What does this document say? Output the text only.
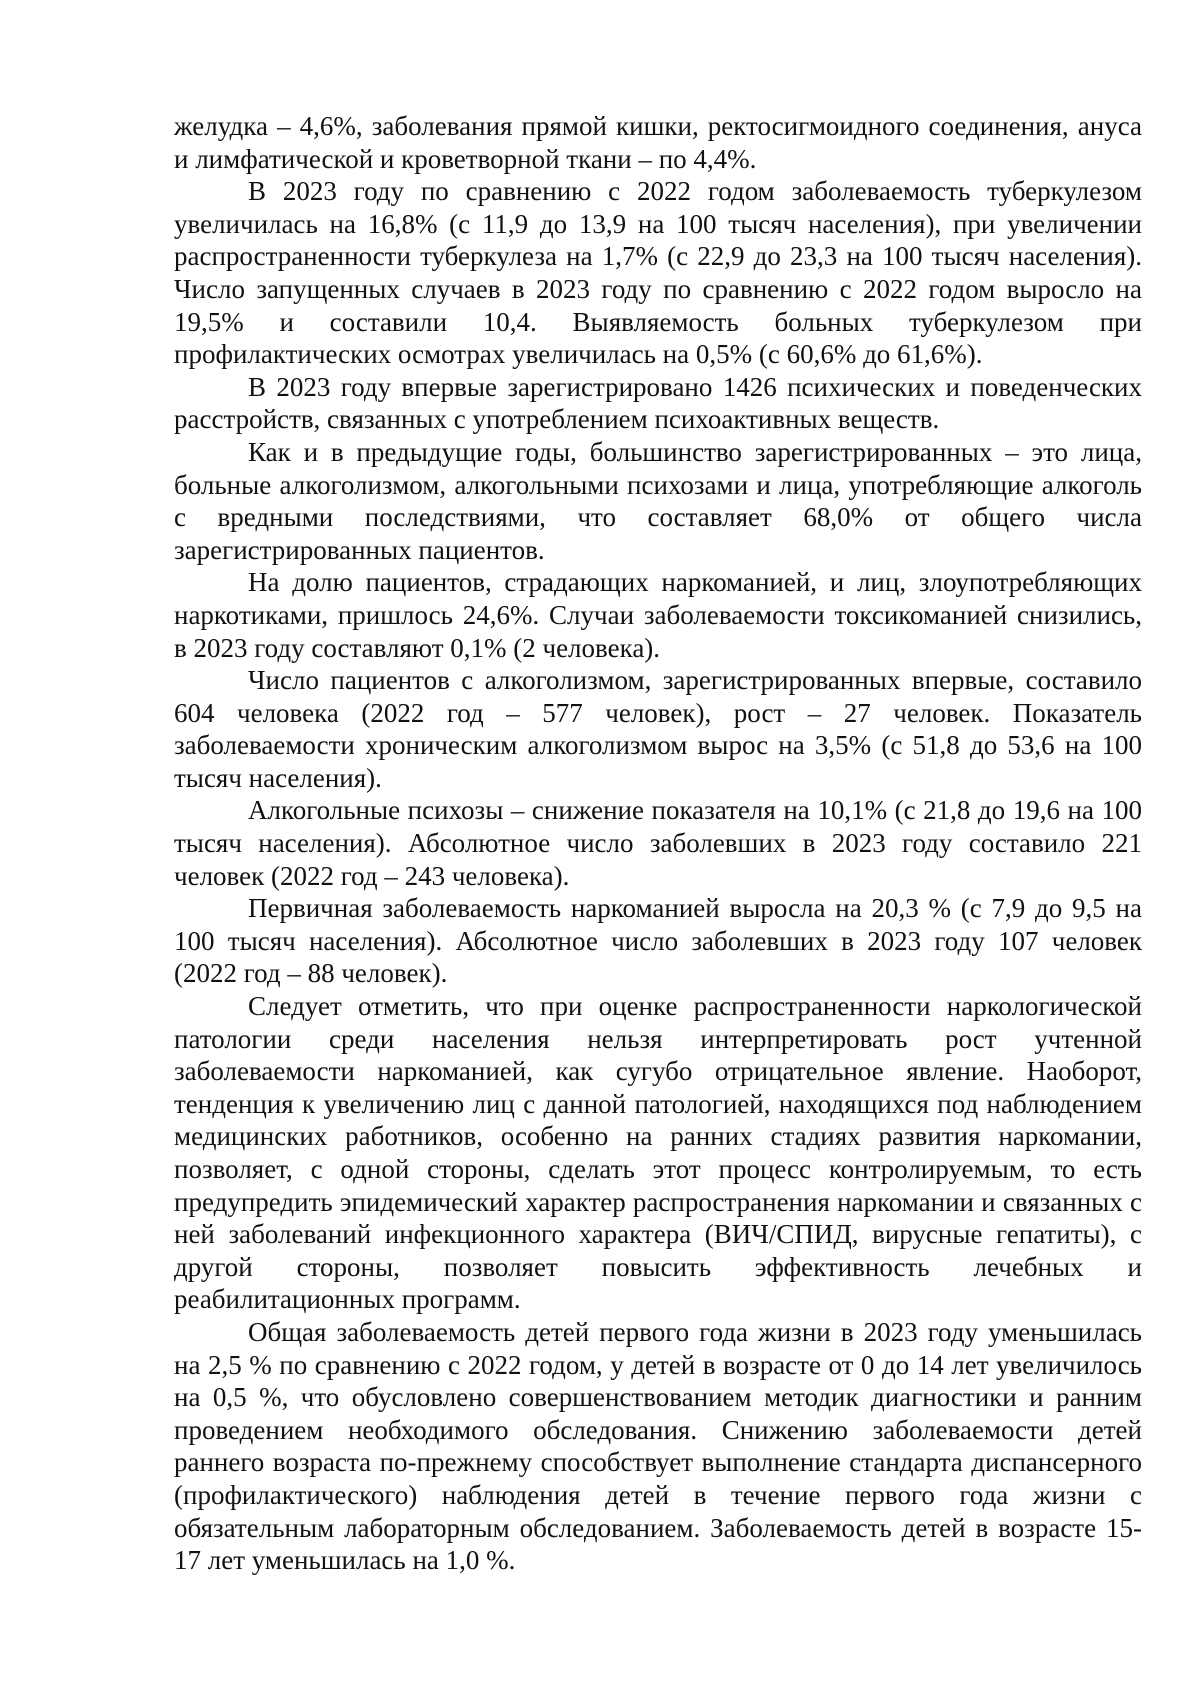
желудка – 4,6%, заболевания прямой кишки, ректосигмоидного соединения, ануса и лимфатической и кроветворной ткани – по 4,4%.

В 2023 году по сравнению с 2022 годом заболеваемость туберкулезом увеличилась на 16,8% (с 11,9 до 13,9 на 100 тысяч населения), при увеличении распространенности туберкулеза на 1,7% (с 22,9 до 23,3 на 100 тысяч населения). Число запущенных случаев в 2023 году по сравнению с 2022 годом выросло на 19,5% и составили 10,4. Выявляемость больных туберкулезом при профилактических осмотрах увеличилась на 0,5% (с 60,6% до 61,6%).

В 2023 году впервые зарегистрировано 1426 психических и поведенческих расстройств, связанных с употреблением психоактивных веществ.

Как и в предыдущие годы, большинство зарегистрированных – это лица, больные алкоголизмом, алкогольными психозами и лица, употребляющие алкоголь с вредными последствиями, что составляет 68,0% от общего числа зарегистрированных пациентов.

На долю пациентов, страдающих наркоманией, и лиц, злоупотребляющих наркотиками, пришлось 24,6%. Случаи заболеваемости токсикоманией снизились, в 2023 году составляют 0,1% (2 человека).

Число пациентов с алкоголизмом, зарегистрированных впервые, составило 604 человека (2022 год – 577 человек), рост – 27 человек. Показатель заболеваемости хроническим алкоголизмом вырос на 3,5% (с 51,8 до 53,6 на 100 тысяч населения).

Алкогольные психозы – снижение показателя на 10,1% (с 21,8 до 19,6 на 100 тысяч населения). Абсолютное число заболевших в 2023 году составило 221 человек (2022 год – 243 человека).

Первичная заболеваемость наркоманией выросла на 20,3 % (с 7,9 до 9,5 на 100 тысяч населения). Абсолютное число заболевших в 2023 году 107 человек (2022 год – 88 человек).

Следует отметить, что при оценке распространенности наркологической патологии среди населения нельзя интерпретировать рост учтенной заболеваемости наркоманией, как сугубо отрицательное явление. Наоборот, тенденция к увеличению лиц с данной патологией, находящихся под наблюдением медицинских работников, особенно на ранних стадиях развития наркомании, позволяет, с одной стороны, сделать этот процесс контролируемым, то есть предупредить эпидемический характер распространения наркомании и связанных с ней заболеваний инфекционного характера (ВИЧ/СПИД, вирусные гепатиты), с другой стороны, позволяет повысить эффективность лечебных и реабилитационных программ.

Общая заболеваемость детей первого года жизни в 2023 году уменьшилась на 2,5 % по сравнению с 2022 годом, у детей в возрасте от 0 до 14 лет увеличилось на 0,5 %, что обусловлено совершенствованием методик диагностики и ранним проведением необходимого обследования. Снижению заболеваемости детей раннего возраста по-прежнему способствует выполнение стандарта диспансерного (профилактического) наблюдения детей в течение первого года жизни с обязательным лабораторным обследованием. Заболеваемость детей в возрасте 15-17 лет уменьшилась на 1,0 %.
